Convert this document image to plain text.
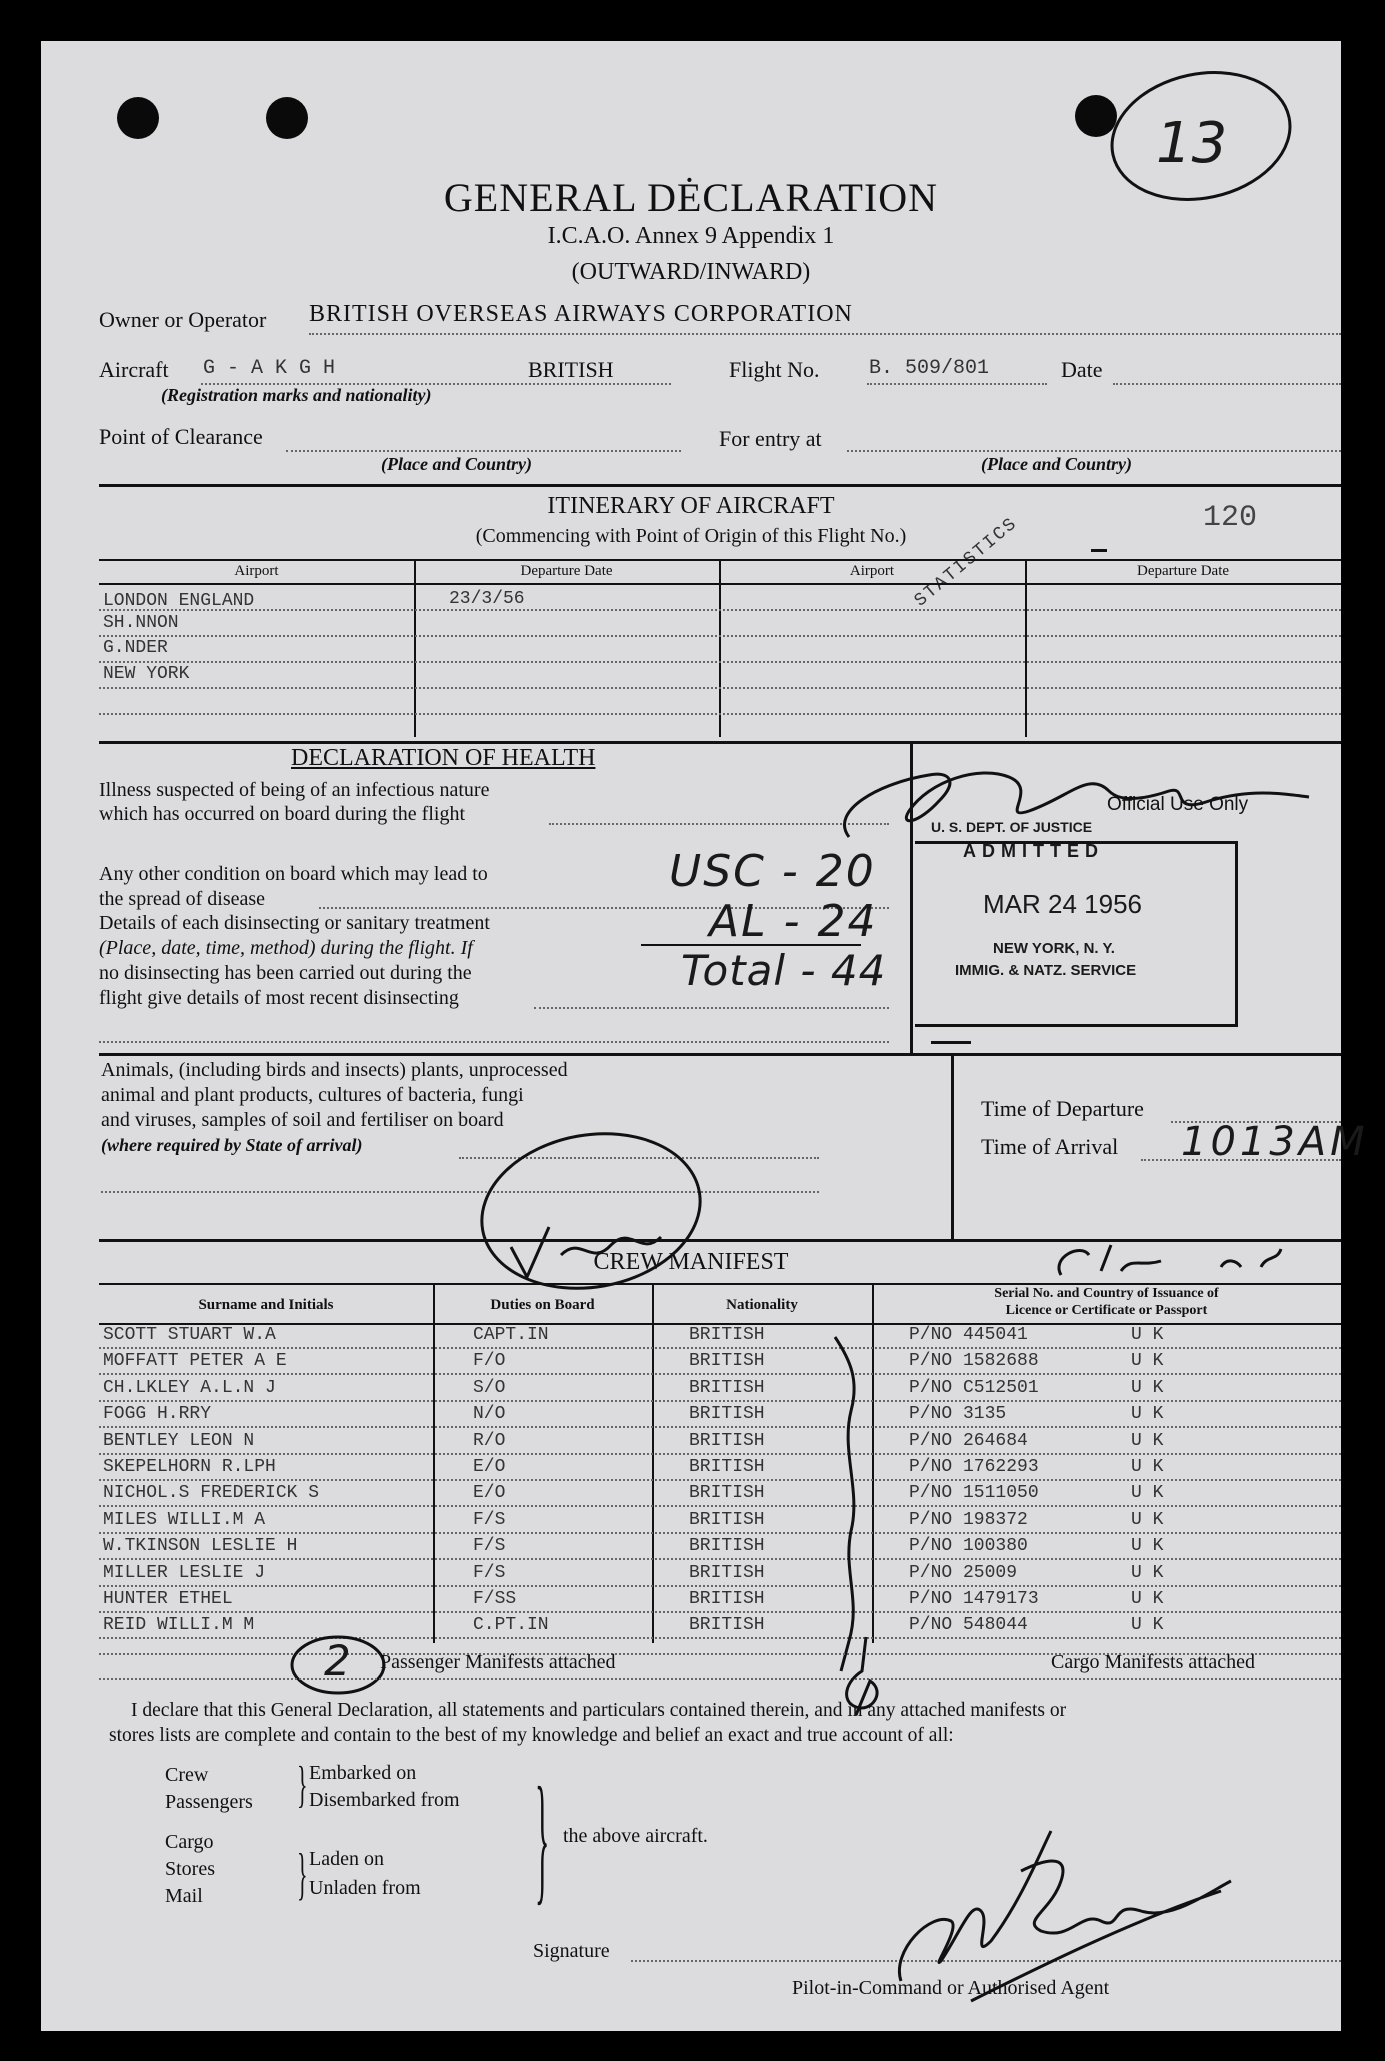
13
GENERAL DĖCLARATION
I.C.A.O. Annex 9 Appendix 1
(OUTWARD/INWARD)
Owner or Operator BRITISH OVERSEAS AIRWAYS CORPORATION
Aircraft G - A K G H	BRITISH
(Registration marks and nationality)
Flight No. B. 509/801	Date
Point of Clearance
(Place and Country)
For entry at
(Place and Country)
ITINERARY OF AIRCRAFT
(Commencing with Point of Origin of this Flight No.)
120
STATISTICS
Airport	Departure Date	Airport	Departure Date
LONDON ENGLAND	23/3/56
SH.NNON
G.NDER
NEW YORK
DECLARATION OF HEALTH
Illness suspected of being of an infectious nature
which has occurred on board during the flight
Any other condition on board which may lead to
the spread of disease
Details of each disinsecting or sanitary treatment
(Place, date, time, method) during the flight. If
no disinsecting has been carried out during the
flight give details of most recent disinsecting
USC - 20
AL - 24
Total - 44
Official Use Only
U. S. DEPT. OF JUSTICE
ADMITTED
MAR 24 1956
NEW YORK, N. Y.
IMMIG. & NATZ. SERVICE
Animals, (including birds and insects) plants, unprocessed
animal and plant products, cultures of bacteria, fungi
and viruses, samples of soil and fertiliser on board
(where required by State of arrival)
Time of Departure
Time of Arrival 1013AM
CREW MANIFEST
Surname and Initials	Duties on Board	Nationality
Serial No. and Country of Issuance of
Licence or Certificate or Passport
SCOTT STUART W.A	CAPT.IN	BRITISH	P/NO 445041	U K
MOFFATT PETER A E	F/O	BRITISH	P/NO 1582688	U K
CH.LKLEY A.L.N J	S/O	BRITISH	P/NO C512501	U K
FOGG H.RRY	N/O	BRITISH	P/NO 3135	U K
BENTLEY LEON N	R/O	BRITISH	P/NO 264684	U K
SKEPELHORN R.LPH	E/O	BRITISH	P/NO 1762293	U K
NICHOL.S FREDERICK S	E/O	BRITISH	P/NO 1511050	U K
MILES WILLI.M A	F/S	BRITISH	P/NO 198372	U K
W.TKINSON LESLIE H	F/S	BRITISH	P/NO 100380	U K
MILLER LESLIE J	F/S	BRITISH	P/NO 25009	U K
HUNTER ETHEL	F/SS	BRITISH	P/NO 1479173	U K
REID WILLI.M M	C.PT.IN	BRITISH	P/NO 548044	U K
2 Passenger Manifests attached	Cargo Manifests attached
I declare that this General Declaration, all statements and particulars contained therein, and in any attached manifests or
stores lists are complete and contain to the best of my knowledge and belief an exact and true account of all:
Crew
Passengers } Embarked on
Disembarked from
Cargo
Stores
Mail	} Laden on
Unladen from	} the above aircraft.
Signature
Pilot-in-Command or Authorised Agent
